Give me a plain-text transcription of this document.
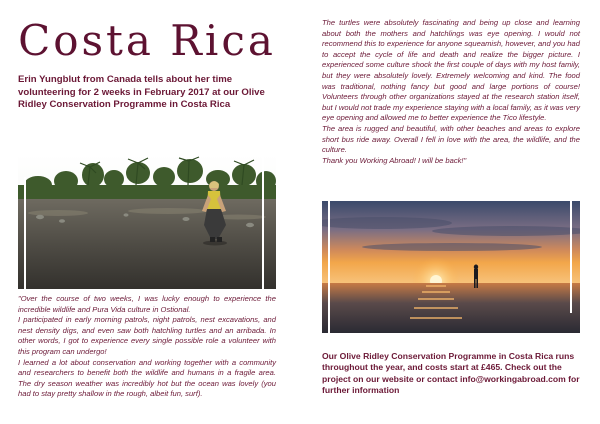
Costa Rica
Erin Yungblut from Canada tells about her time
volunteering for 2 weeks in February 2017 at our Olive
Ridley Conservation Programme in Costa Rica

"Over the course of two weeks, I was lucky enough to experience the incredible wildlife and Pura Vida culture in Ostional.

I participated in early morning patrols, night patrols, nest excavations, and nest density digs, and even saw both hatchling turtles and an arribada. In other words, I got to experience every single possible role a volunteer with this program can undergo!

I learned a lot about conservation and working together with a community and researchers to benefit both the wildlife and humans in a fragile area. The dry season weather was incredibly hot but the ocean was lovely (you had to stay pretty shallow in the rough, albeit fun, surf).

The turtles were absolutely fascinating and being up close and learning about both the mothers and hatchlings was eye opening. I would not recommend this to experience for anyone squeamish, however, and you had to accept the cycle of life and death and realize the bigger picture. I experienced some culture shock the first couple of days with my host family, but they were absolutely lovely. Extremely welcoming and kind. The food was traditional, nothing fancy but good and large portions of course! Volunteers through other organizations stayed at the research station itself, but I would not trade my experience staying with a local family, as it was very eye opening and allowed me to better experience the Tico lifestyle.

The area is rugged and beautiful, with other beaches and areas to explore short bus ride away. Overall I fell in love with the area, the wildlife, and the culture.

Thank you Working Abroad! I will be back!"

Our Olive Ridley Conservation Programme in Costa Rica runs throughout the year, and costs start at £465. Check out the project on our website or contact info@workingabroad.com for further information
